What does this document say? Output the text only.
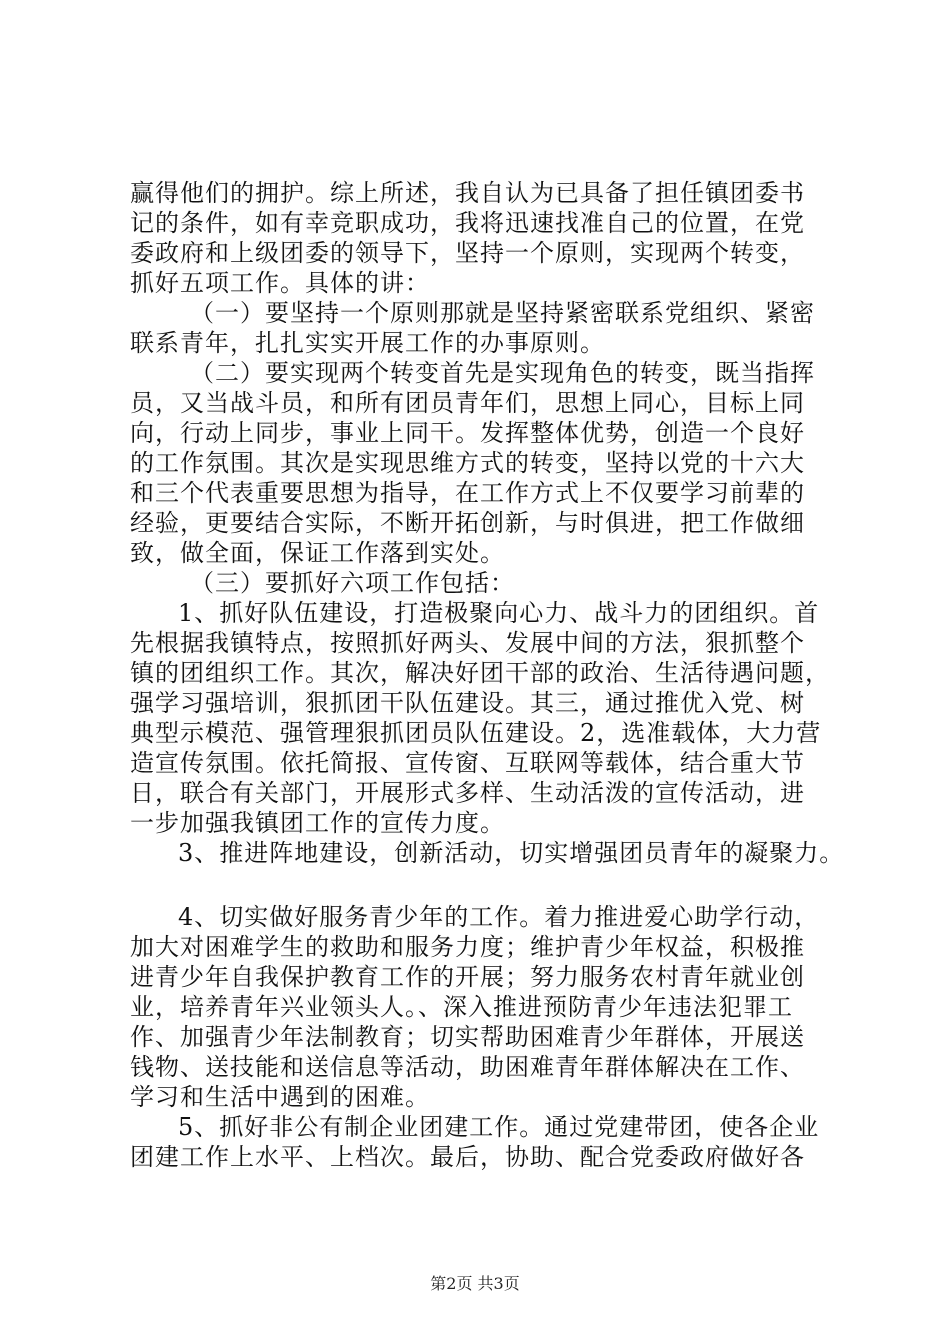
赢得他们的拥护。综上所述，我自认为已具备了担任镇团委书
记的条件，如有幸竞职成功，我将迅速找准自己的位置，在党
委政府和上级团委的领导下，坚持一个原则，实现两个转变，
抓好五项工作。具体的讲：
（一）要坚持一个原则那就是坚持紧密联系党组织、紧密
联系青年，扎扎实实开展工作的办事原则。
（二）要实现两个转变首先是实现角色的转变，既当指挥
员，又当战斗员，和所有团员青年们，思想上同心，目标上同
向，行动上同步，事业上同干。发挥整体优势，创造一个良好
的工作氛围。其次是实现思维方式的转变，坚持以党的十六大
和三个代表重要思想为指导，在工作方式上不仅要学习前辈的
经验，更要结合实际，不断开拓创新，与时俱进，把工作做细
致，做全面，保证工作落到实处。
（三）要抓好六项工作包括：
1、抓好队伍建设，打造极聚向心力、战斗力的团组织。首
先根据我镇特点，按照抓好两头、发展中间的方法，狠抓整个
镇的团组织工作。其次，解决好团干部的政治、生活待遇问题，
强学习强培训，狠抓团干队伍建设。其三，通过推优入党、树
典型示模范、强管理狠抓团员队伍建设。2，选准载体，大力营
造宣传氛围。依托简报、宣传窗、互联网等载体，结合重大节
日，联合有关部门，开展形式多样、生动活泼的宣传活动，进
一步加强我镇团工作的宣传力度。
3、推进阵地建设，创新活动，切实增强团员青年的凝聚力。
4、切实做好服务青少年的工作。着力推进爱心助学行动，
加大对困难学生的救助和服务力度；维护青少年权益，积极推
进青少年自我保护教育工作的开展；努力服务农村青年就业创
业，培养青年兴业领头人。、深入推进预防青少年违法犯罪工
作、加强青少年法制教育；切实帮助困难青少年群体，开展送
钱物、送技能和送信息等活动，助困难青年群体解决在工作、
学习和生活中遇到的困难。
5、抓好非公有制企业团建工作。通过党建带团，使各企业
团建工作上水平、上档次。最后，协助、配合党委政府做好各
第2页 共3页
